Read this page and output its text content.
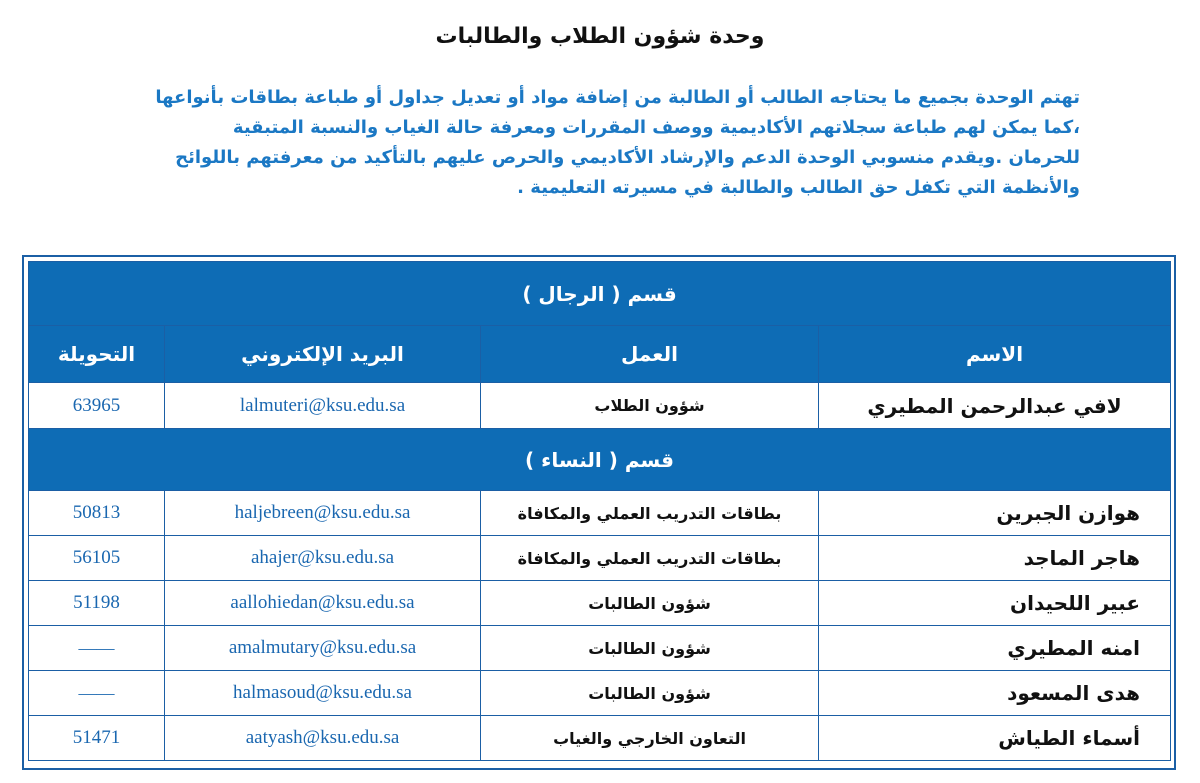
وحدة شؤون الطلاب والطالبات
تهتم الوحدة بجميع ما يحتاجه الطالب أو الطالبة من إضافة مواد أو تعديل جداول أو طباعة بطاقات بأنواعها
،كما يمكن لهم طباعة سجلاتهم الأكاديمية ووصف المقررات ومعرفة حالة الغياب والنسبة المتبقية
للحرمان .ويقدم منسوبي الوحدة الدعم والإرشاد الأكاديمي والحرص عليهم بالتأكيد من معرفتهم باللوائح
والأنظمة التي تكفل حق الطالب والطالبة في مسيرته التعليمية .
قسم ( الرجال )			
الاسم	العمل	البريد الإلكتروني	التحويلة
لافي عبدالرحمن المطيري	شؤون الطلاب	lalmuteri@ksu.edu.sa	63965
قسم ( النساء )			
هوازن الجبرين	بطاقات التدريب العملي والمكافاة	haljebreen@ksu.edu.sa	50813
هاجر الماجد	بطاقات التدريب العملي والمكافاة	ahajer@ksu.edu.sa	56105
عبير اللحيدان	شؤون الطالبات	aallohiedan@ksu.edu.sa	51198
امنه المطيري	شؤون الطالبات	amalmutary@ksu.edu.sa	——
هدى المسعود	شؤون الطالبات	halmasoud@ksu.edu.sa	——
أسماء الطياش	التعاون الخارجي والغياب	aatyash@ksu.edu.sa	51471
